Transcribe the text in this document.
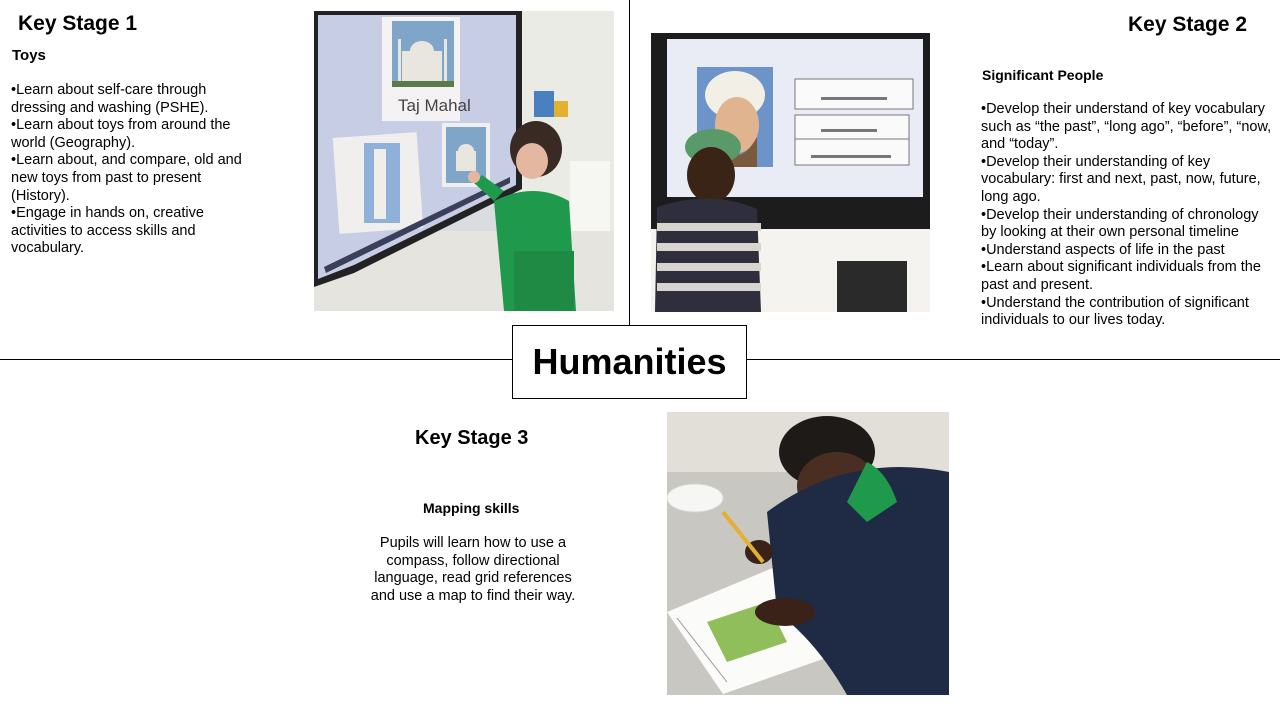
Humanities
Key Stage 1
Toys
• Learn about self-care through dressing and washing (PSHE).
• Learn about toys from around the world (Geography).
• Learn about, and compare, old and new toys from past to present (History).
• Engage in hands on, creative activities to access skills and vocabulary.
Taj Mahal
Key Stage 2
Significant People
• Develop their understand of key vocabulary such as “the past”, “long ago”, “before”, “now, and “today”.
• Develop their understanding of key vocabulary: first and next, past, now, future, long ago.
• Develop their understanding of chronology by looking at their own personal timeline
• Understand aspects of life in the past
• Learn about significant individuals from the past and present.
• Understand the contribution of significant individuals to our lives today.
Key Stage 3
Mapping skills
Pupils will learn how to use a compass, follow directional language, read grid references and use a map to find their way.
